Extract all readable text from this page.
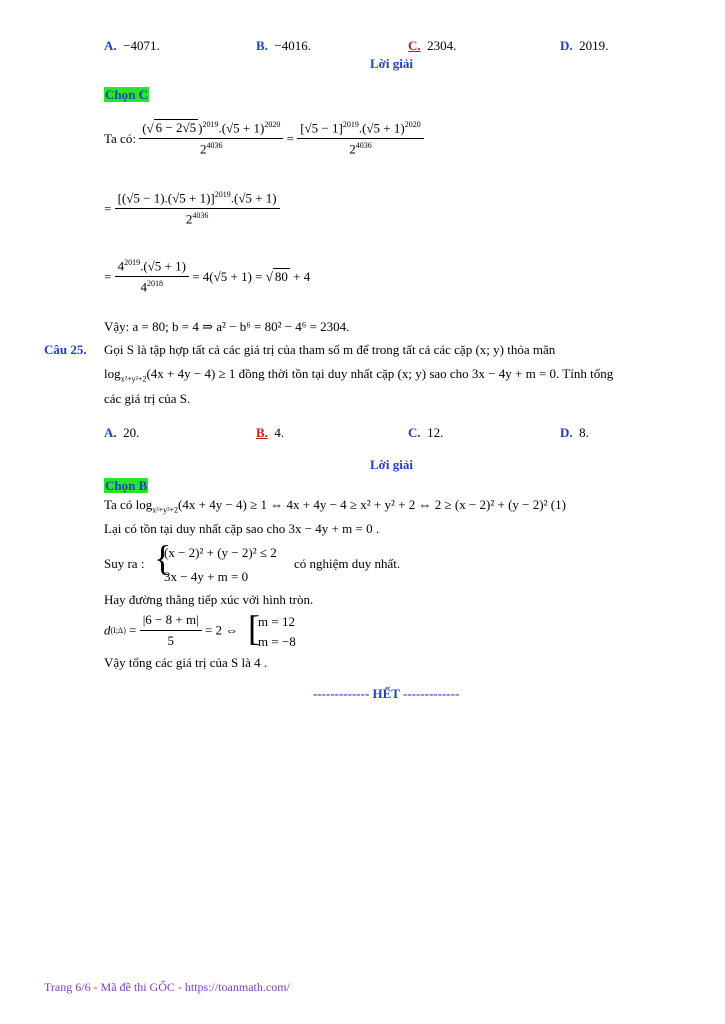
A. −4071.	B. −4016.	C. 2304.	D. 2019.
Lời giải
Chọn C
Ta có: $\frac{(√ 6 - 2√5 )^{2019}.(√5 + 1)^{2020}}{2^{4036}} = \frac{[√5 - 1]^{2019}.(√5 + 1)^{2020}}{2^{4036}}$
= $\frac{[(√5 - 1).(√5 + 1)]^{2019}.(√5 + 1)}{2^{4036}}$
= $\frac{4^{2019}.(√5 + 1)}{4^{2018}} = 4(√5 + 1)$ = √ 80 + 4
Vậy: a = 80; b = 4 ⇒ a² − b⁶ = 80² − 4⁶ = 2304.
Câu 25. Gọi S là tập hợp tất cả các giá trị của tham số m để trong tất cả các cặp (x; y) thỏa mãn
$\log_{x^2+y^2+2}(4x + 4y - 4) \ge 1$ đồng thời tồn tại duy nhất cặp (x; y) sao cho 3x − 4y + m = 0. Tính tổng
các giá trị của S.
A. 20.	B. 4.	C. 12.	D. 8.
Lời giải
Chọn B
Ta có $\log_{x^2+y^2+2}(4x + 4y - 4) \ge 1$ ⇔ 4x + 4y − 4 ≥ x² + y² + 2 ⇔ 2 ≥ (x − 2)² + (y − 2)² (1)
Lại có tồn tại duy nhất cặp sao cho 3x − 4y + m = 0 .
Suy ra : {
(x − 2)² + (y − 2)² ≤ 2
3x − 4y + m = 0
có nghiệm duy nhất.
Hay đường thẳng tiếp xúc với hình tròn.
d(I;Δ) = $\frac{|6 - 8 + m|}{5} = 2$ ⇔ [
m = 12
m = −8
Vậy tổng các giá trị của S là 4 .
------------- HẾT -------------
Trang 6/6 - Mã đề thi GỐC - https://toanmath.com/
